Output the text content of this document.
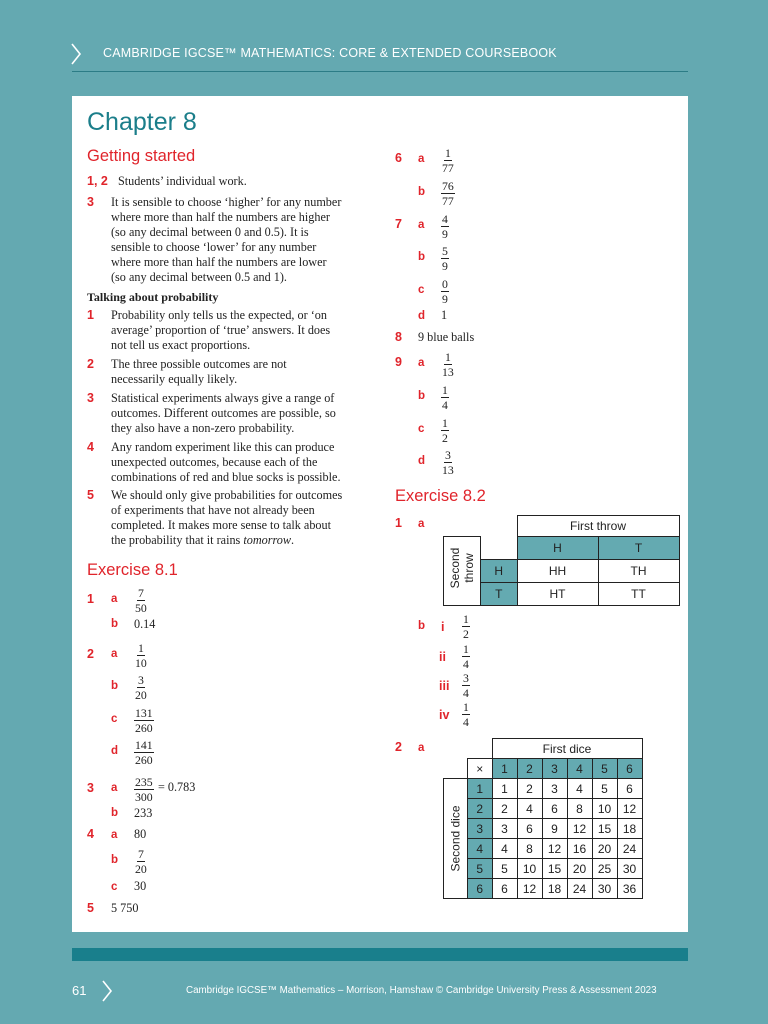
CAMBRIDGE IGCSE™ MATHEMATICS: CORE & EXTENDED COURSEBOOK
Chapter 8
Getting started
1, 2 Students’ individual work.
3 It is sensible to choose ‘higher’ for any number
where more than half the numbers are higher
(so any decimal between 0 and 0.5). It is
sensible to choose ‘lower’ for any number
where more than half the numbers are lower
(so any decimal between 0.5 and 1).
Talking about probability
1 Probability only tells us the expected, or ‘on
average’ proportion of ‘true’ answers. It does
not tell us exact proportions.
2 The three possible outcomes are not
necessarily equally likely.
3 Statistical experiments always give a range of
outcomes. Different outcomes are possible, so
they also have a non-zero probability.
4 Any random experiment like this can produce
unexpected outcomes, because each of the
combinations of red and blue socks is possible.
5 We should only give probabilities for outcomes
of experiments that have not already been
completed. It makes more sense to talk about
the probability that it rains tomorrow.
Exercise 8.1
1 a $\frac{7}{50}$
b 0.14
2 a $\frac{1}{10}$
b $\frac{3}{20}$
c $\frac{131}{260}$
d $\frac{141}{260}$
3 a $\frac{235}{300} = 0.783$
b 233
4 a 80
b $\frac{7}{20}$
c 30
5 5 750
6 a $\frac{1}{77}$
b $\frac{76}{77}$
7 a $\frac{4}{9}$
b $\frac{5}{9}$
c $\frac{0}{9}$
d 1
8 9 blue balls
9 a $\frac{1}{13}$
b $\frac{1}{4}$
c $\frac{1}{2}$
d $\frac{3}{13}$
Exercise 8.2
1 a
			First throw	

Second throw		H	T
	H	HH	TH
	T	HT	TT
b i $\frac{1}{2}$
ii $\frac{1}{4}$
iii $\frac{3}{4}$
iv $\frac{1}{4}$
2 a
			First dice					
	×	1	2	3	4	5	6

Second dice	1	1	2	3	4	5	6
	2	2	4	6	8	10	12
	3	3	6	9	12	15	18
	4	4	8	12	16	20	24
	5	5	10	15	20	25	30
	6	6	12	18	24	30	36
61	Cambridge IGCSE™ Mathematics – Morrison, Hamshaw © Cambridge University Press & Assessment 2023
